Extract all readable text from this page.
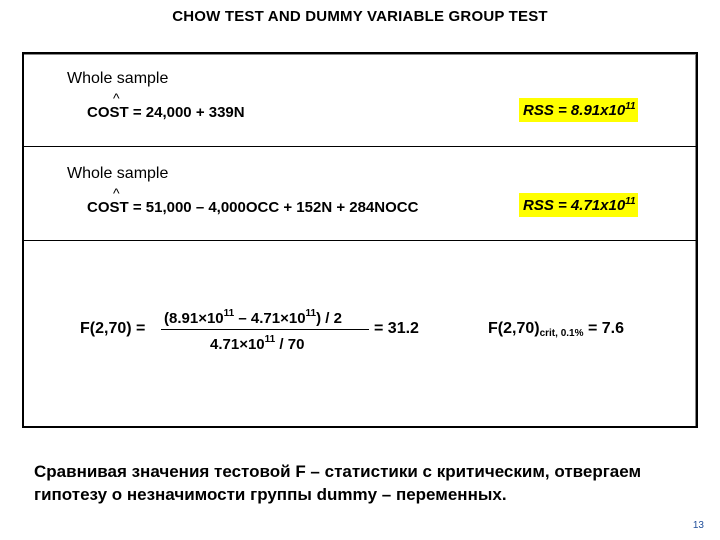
CHOW TEST AND DUMMY VARIABLE GROUP TEST
Whole sample
^
COST = 24,000 + 339N	RSS = $8.91x10^{11}$
Whole sample
^
COST = 51,000 – 4,000OCC + 152N + 284NOCC	RSS = $4.71x10^{11}$
F(2,70) =
$(8.91\times 10^{11} - 4.71\times 10^{11}) / 2$
$4.71\times 10^{11} / 70$
= 31.2	$F(2,70)_{crit, 0.1\%} = 7.6$
Сравнивая значения тестовой F – статистики с критическим, отвергаем гипотезу о незначимости группы dummy – переменных.
13
